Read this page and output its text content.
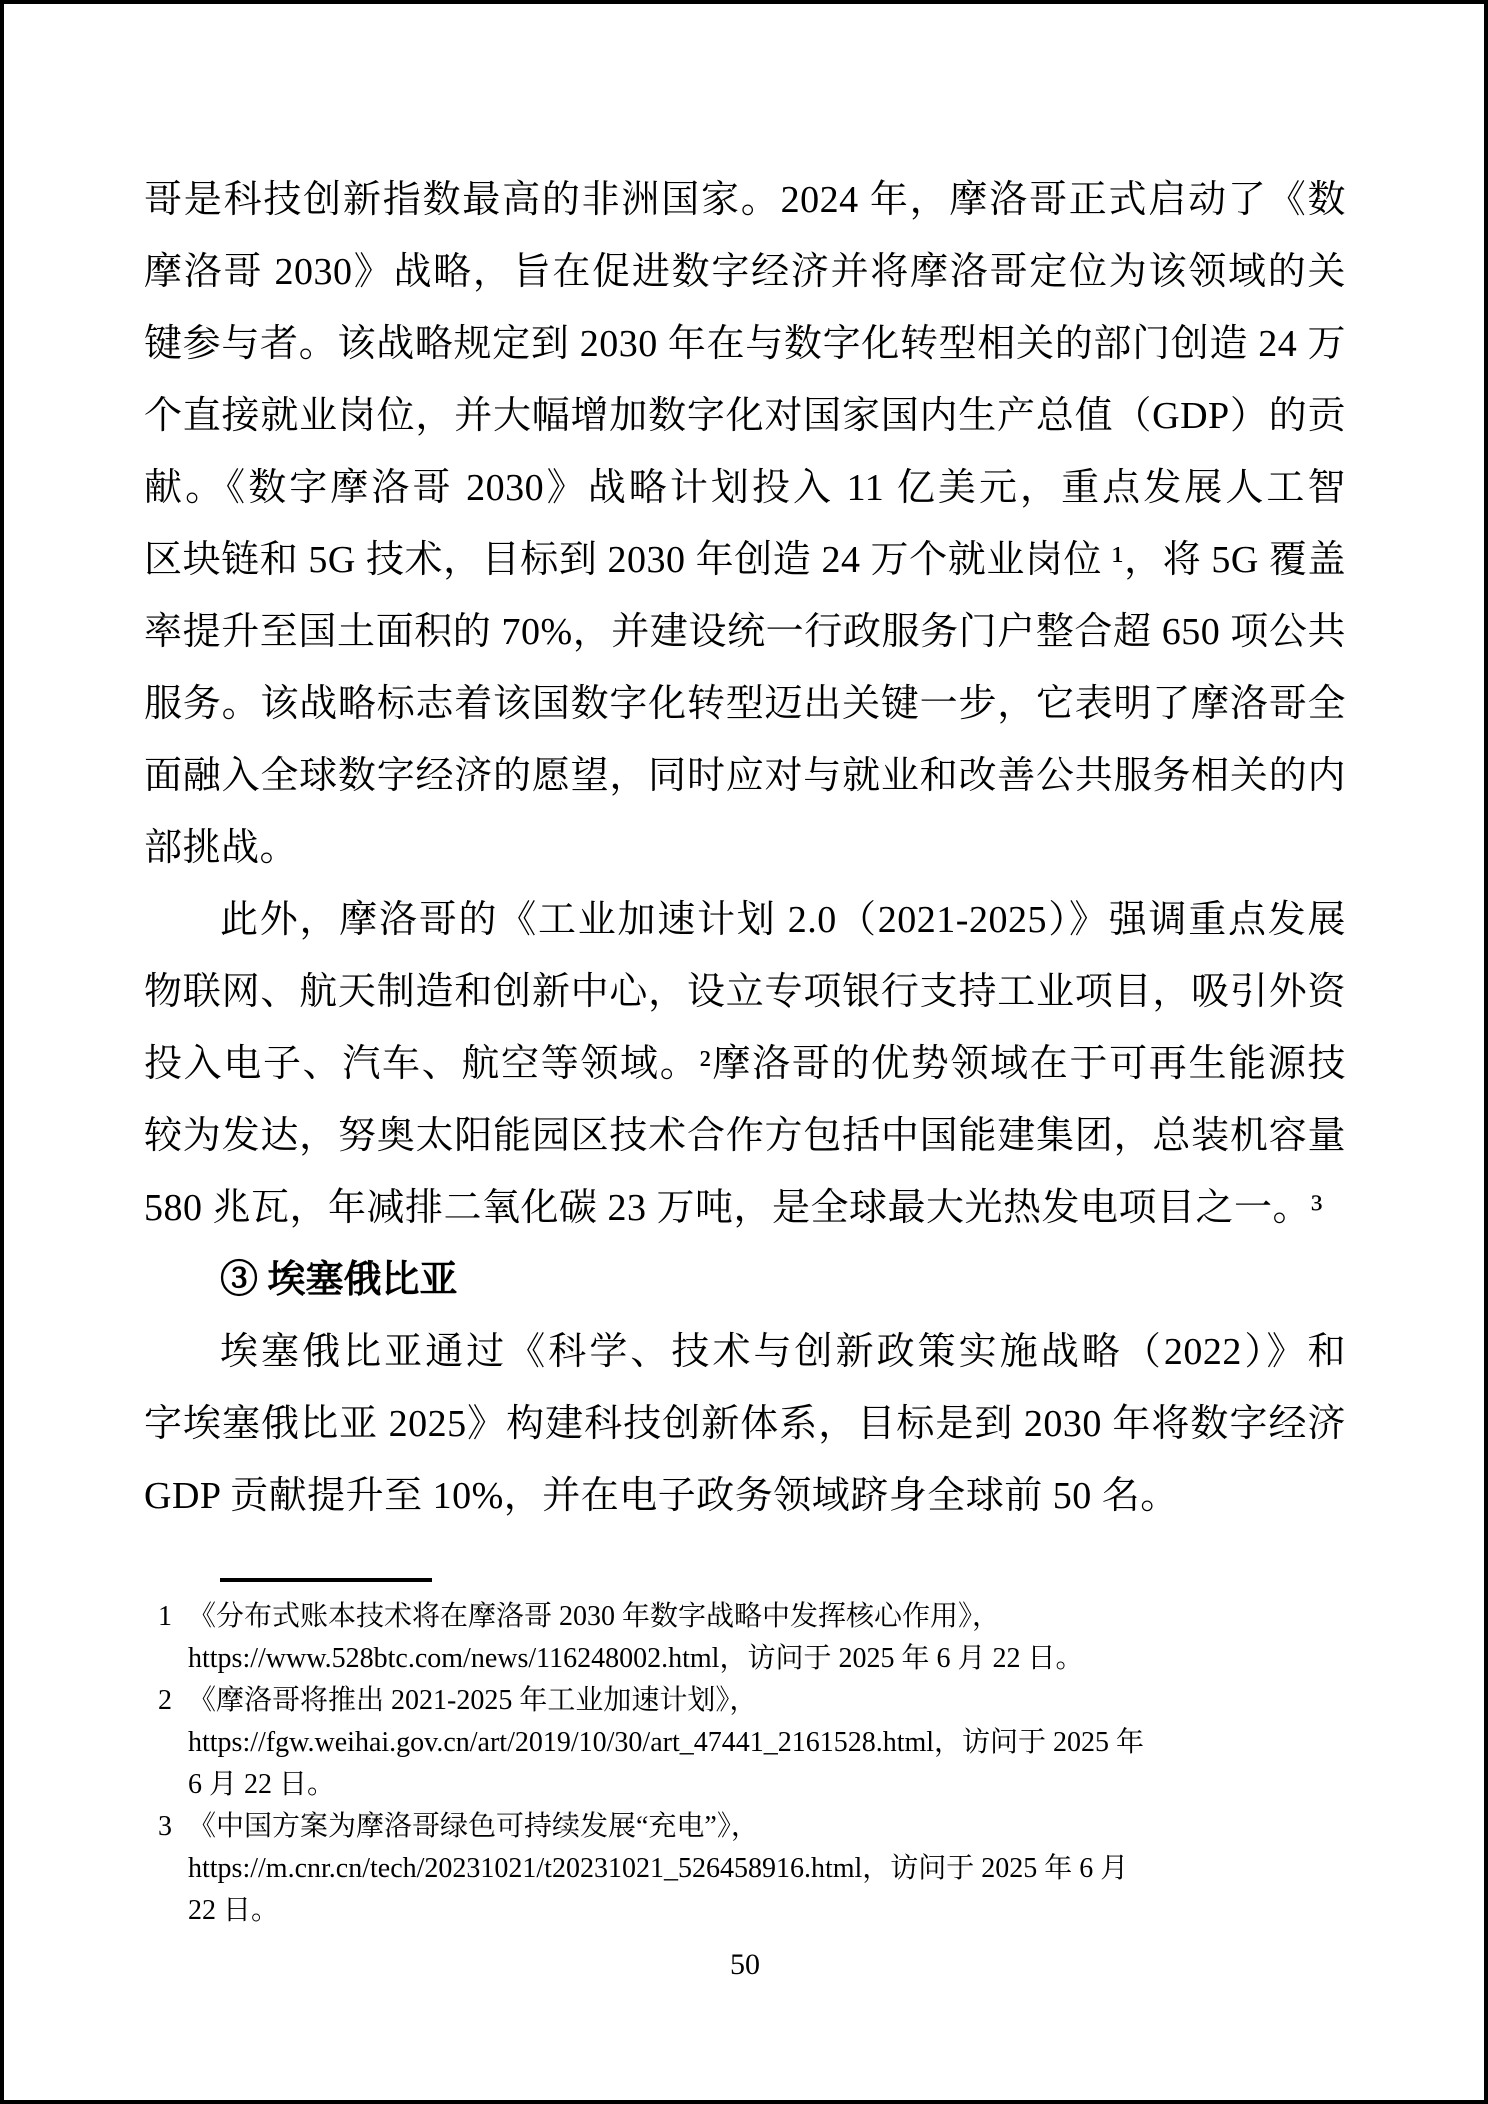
哥是科技创新指数最高的非洲国家。2024 年，摩洛哥正式启动了《数
摩洛哥 2030》战略，旨在促进数字经济并将摩洛哥定位为该领域的关
键参与者。该战略规定到 2030 年在与数字化转型相关的部门创造 24 万
个直接就业岗位，并大幅增加数字化对国家国内生产总值（GDP）的贡
献。《数字摩洛哥 2030》战略计划投入 11 亿美元，重点发展人工智
区块链和 5G 技术，目标到 2030 年创造 24 万个就业岗位 ¹，将 5G 覆盖
率提升至国土面积的 70%，并建设统一行政服务门户整合超 650 项公共
服务。该战略标志着该国数字化转型迈出关键一步，它表明了摩洛哥全
面融入全球数字经济的愿望，同时应对与就业和改善公共服务相关的内
部挑战。
此外，摩洛哥的《工业加速计划 2.0（2021-2025）》强调重点发展
物联网、航天制造和创新中心，设立专项银行支持工业项目，吸引外资
投入电子、汽车、航空等领域。²摩洛哥的优势领域在于可再生能源技
较为发达，努奥太阳能园区技术合作方包括中国能建集团，总装机容量
580 兆瓦，年减排二氧化碳 23 万吨，是全球最大光热发电项目之一。³
③ 埃塞俄比亚
埃塞俄比亚通过《科学、技术与创新政策实施战略（2022）》和
字埃塞俄比亚 2025》构建科技创新体系，目标是到 2030 年将数字经济
GDP 贡献提升至 10%，并在电子政务领域跻身全球前 50 名。
1 《分布式账本技术将在摩洛哥 2030 年数字战略中发挥核心作用》，
https://www.528btc.com/news/116248002.html，访问于 2025 年 6 月 22 日。
2 《摩洛哥将推出 2021-2025 年工业加速计划》，
https://fgw.weihai.gov.cn/art/2019/10/30/art_47441_2161528.html，访问于 2025 年
6 月 22 日。
3 《中国方案为摩洛哥绿色可持续发展“充电”》，
https://m.cnr.cn/tech/20231021/t20231021_526458916.html，访问于 2025 年 6 月
22 日。
50
